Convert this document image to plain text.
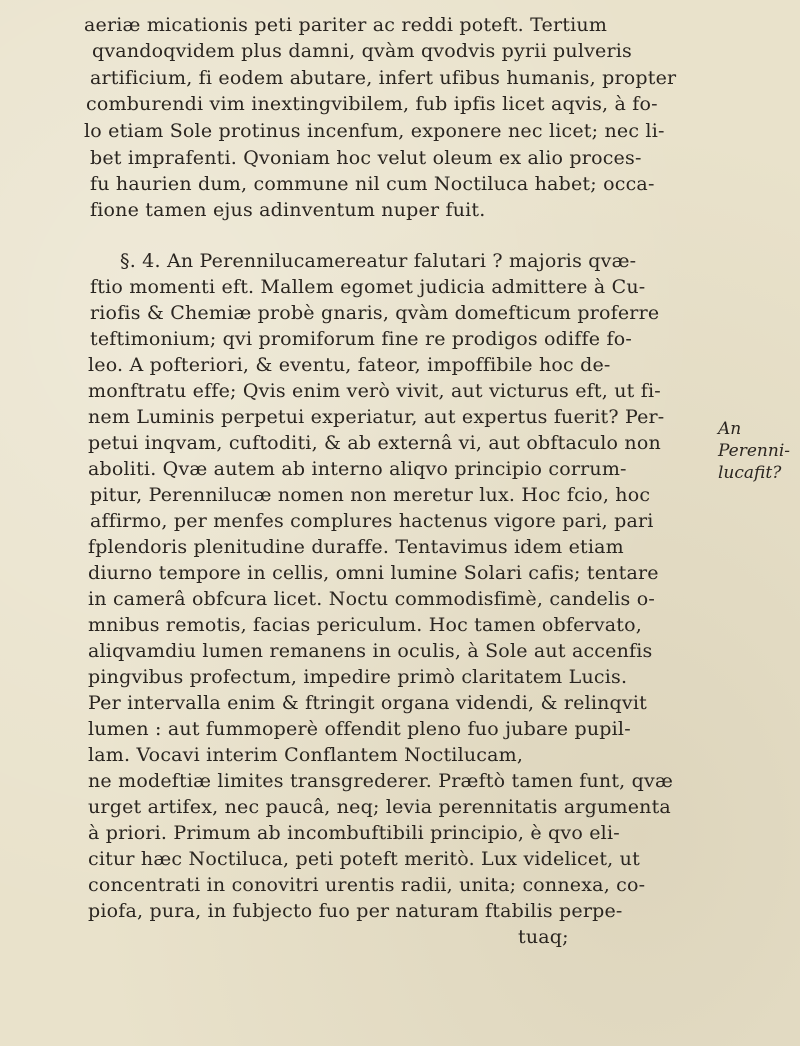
aeriæ micationis peti pariter ac reddi poteft. Tertium
qvandoqvidem plus damni, qvàm qvodvis pyrii pulveris
artificium, fi eodem abutare, infert ufibus humanis, propter
comburendi vim inextingvibilem, fub ipfis licet aqvis, à fo-
lo etiam Sole protinus incenfum, exponere nec licet; nec li-
bet imprafenti. Qvoniam hoc velut oleum ex alio proces-
fu haurien dum, commune nil cum Noctiluca habet; occa-
fione tamen ejus adinventum nuper fuit.
§. 4. An Perennilucamereatur falutari ? majoris qvæ-
ftio momenti eft. Mallem egomet judicia admittere à Cu-
riofis & Chemiæ probè gnaris, qvàm domefticum proferre
teftimonium; qvi promiforum fine re prodigos odiffe fo-
leo. A pofteriori, & eventu, fateor, impoffibile hoc de-
monftratu effe; Qvis enim verò vivit, aut victurus eft, ut fi-
nem Luminis perpetui experiatur, aut expertus fuerit? Per-
petui inqvam, cuftoditi, & ab externâ vi, aut obftaculo non
aboliti. Qvæ autem ab interno aliqvo principio corrum-
pitur, Perennilucæ nomen non meretur lux. Hoc fcio, hoc
affirmo, per menfes complures hactenus vigore pari, pari
fplendoris plenitudine duraffe. Tentavimus idem etiam
diurno tempore in cellis, omni lumine Solari cafis; tentare
in camerâ obfcura licet. Noctu commodisfimè, candelis o-
mnibus remotis, facias periculum. Hoc tamen obfervato,
aliqvamdiu lumen remanens in oculis, à Sole aut accenfis
pingvibus profectum, impedire primò claritatem Lucis.
Per intervalla enim & ftringit organa videndi, & relinqvit
lumen : aut fummoperè offendit pleno fuo jubare pupil-
lam. Vocavi interim Conflantem Noctilucam,
ne modeftiæ limites transgrederer. Præftò tamen funt, qvæ
urget artifex, nec paucâ, neq; levia perennitatis argumenta
à priori. Primum ab incombuftibili principio, è qvo eli-
citur hæc Noctiluca, peti poteft meritò. Lux videlicet, ut
concentrati in conovitri urentis radii, unita; connexa, co-
piofa, pura, in fubjecto fuo per naturam ftabilis perpe-
tuaq;
An Perenni-lucafit?
